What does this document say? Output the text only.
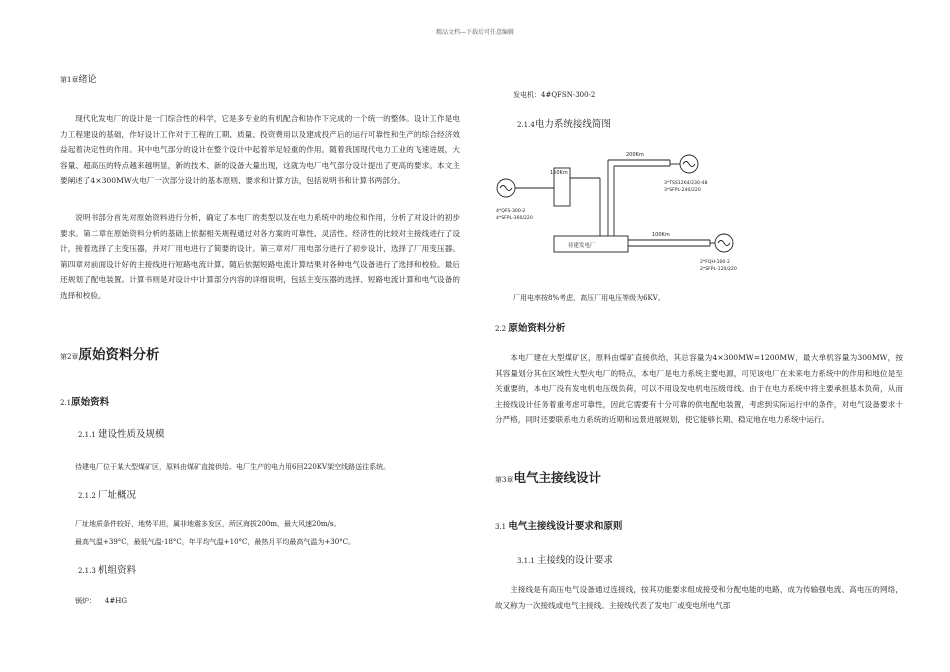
精品文档---下载后可任意编辑
第1章绪论
现代化发电厂的设计是一门综合性的科学，它是多专业的有机配合和协作下完成的一个统一的整体。设计工作是电力工程建设的基础，作好设计工作对于工程的工期、质量、投资费用以及建成投产后的运行可靠性和生产的综合经济效益起着决定性的作用。其中电气部分的设计在整个设计中起着举足轻重的作用。随着我国现代电力工业的飞速进展，大容量、超高压的特点越来越明显，新的技术、新的设备大量出现，这就为电厂电气部分设计提出了更高的要求。本文主要阐述了4×300MW火电厂一次部分设计的基本原则、要求和计算方法，包括说明书和计算书两部分。
说明书部分首先对原始资料进行分析，确定了本电厂的类型以及在电力系统中的地位和作用，分析了对设计的初步要求。第二章在原始资料分析的基础上依据相关规程通过对各方案的可靠性、灵活性、经济性的比较对主接线进行了设计，接着选择了主变压器，并对厂用电进行了简要的设计。第三章对厂用电部分进行了初步设计，选择了厂用变压器。第四章对前面设计好的主接线进行短路电流计算。随后依据短路电流计算结果对各种电气设备进行了选择和校验。最后还规划了配电装置。计算书则是对设计中计算部分内容的详细说明，包括主变压器的选择、短路电流计算和电气设备的选择和校验。
第2章原始资料分析
2.1原始资料
2.1.1 建设性质及规模
待建电厂位于某大型煤矿区，原料由煤矿直接供给。电厂生产的电力用6回220KV架空线路送往系统。
2.1.2 厂址概况
厂址地质条件较好，地势平坦，属非地震多发区，所区海拔200m，最大风速20m/s。
最高气温+39°C，最低气温-18°C，年平均气温+10°C，最热月平均最高气温为+30°C。
2.1.3 机组资料
锅炉：    4#HG
发电机：4#QFSN-300-2
2.1.4电力系统接线简图
150Km
200Km
100Km
4*QFS-300-2
4*SFPL-360/220
3*TSS1264/230-48
3*SFPL-240/220
待建发电厂
2*FQH-100-2
2*SFPL-120/220
厂用电率按8%考虑，高压厂用电压等级为6KV。
2.2 原始资料分析
本电厂建在大型煤矿区，原料由煤矿直接供给，其总容量为4×300MW=1200MW，最大单机容量为300MW，按其容量划分其在区域性大型火电厂的特点，本电厂是电力系统主要电源，可见该电厂在未来电力系统中的作用和地位是至关重要的，本电厂没有发电机电压级负荷，可以不用设发电机电压级母线。由于在电力系统中将主要承担基本负荷，从而主接线设计任务着重考虑可靠性，因此它需要有十分可靠的供电配电装置，考虑到实际运行中的条件，对电气设备要求十分严格，同时还要联系电力系统的近期和远景进展规划，使它能够长期、稳定地在电力系统中运行。
第3章电气主接线设计
3.1 电气主接线设计要求和原则
3.1.1 主接线的设计要求
主接线是有高压电气设备通过连接线，按其功能要求组成接受和分配电能的电路，成为传输强电流、高电压的网络，故又称为一次接线或电气主接线。主接线代表了发电厂或变电所电气部
